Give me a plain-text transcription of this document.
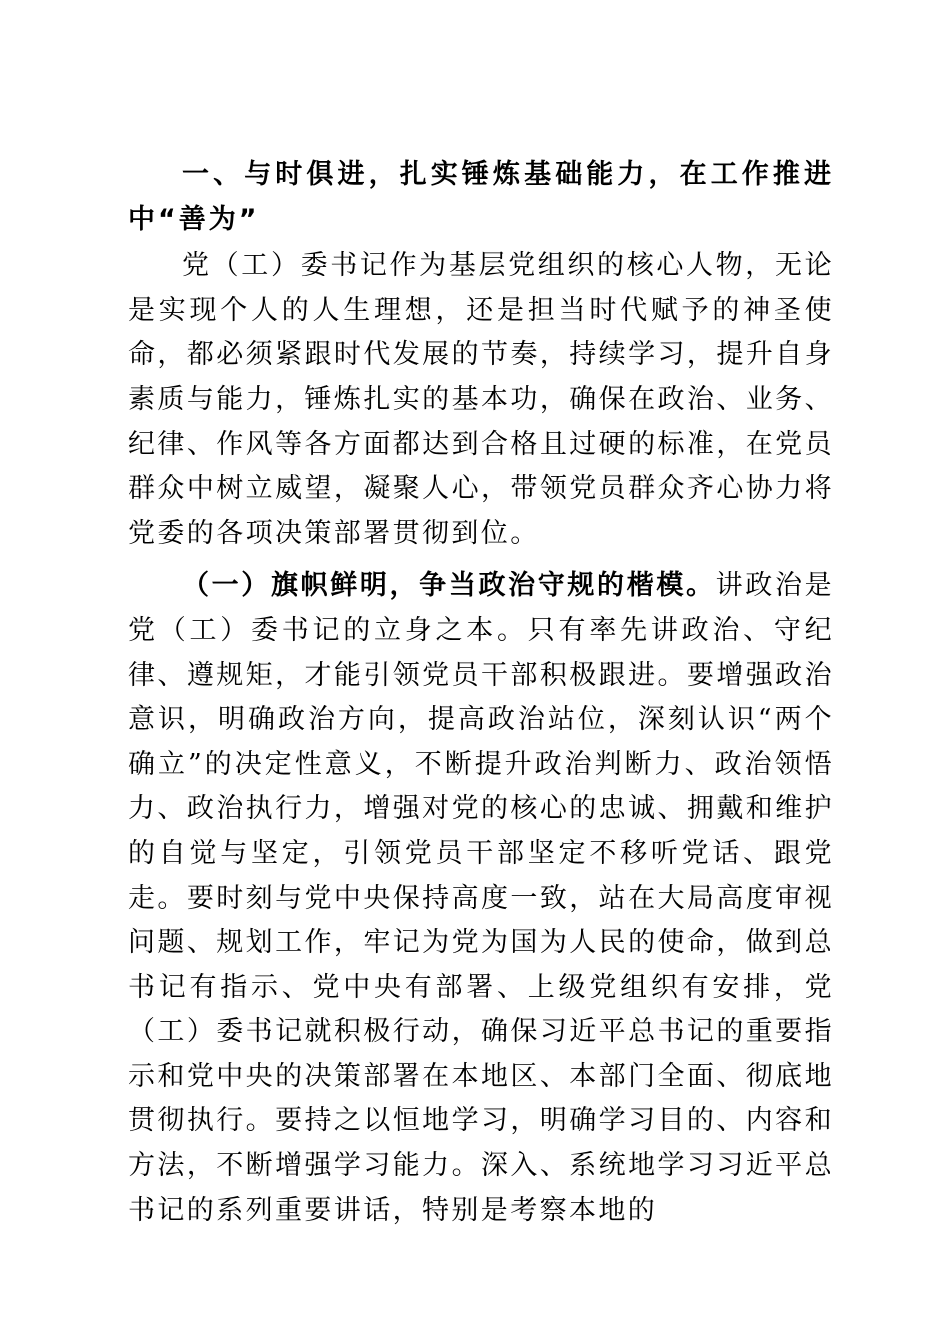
一、与时俱进，扎实锤炼基础能力，在工作推进中“善为”

党（工）委书记作为基层党组织的核心人物，无论是实现个人的人生理想，还是担当时代赋予的神圣使命，都必须紧跟时代发展的节奏，持续学习，提升自身素质与能力，锤炼扎实的基本功，确保在政治、业务、纪律、作风等各方面都达到合格且过硬的标准，在党员群众中树立威望，凝聚人心，带领党员群众齐心协力将党委的各项决策部署贯彻到位。

（一）旗帜鲜明，争当政治守规的楷模。讲政治是党（工）委书记的立身之本。只有率先讲政治、守纪律、遵规矩，才能引领党员干部积极跟进。要增强政治意识，明确政治方向，提高政治站位，深刻认识“两个确立”的决定性意义，不断提升政治判断力、政治领悟力、政治执行力，增强对党的核心的忠诚、拥戴和维护的自觉与坚定，引领党员干部坚定不移听党话、跟党走。要时刻与党中央保持高度一致，站在大局高度审视问题、规划工作，牢记为党为国为人民的使命，做到总书记有指示、党中央有部署、上级党组织有安排，党（工）委书记就积极行动，确保习近平总书记的重要指示和党中央的决策部署在本地区、本部门全面、彻底地贯彻执行。要持之以恒地学习，明确学习目的、内容和方法，不断增强学习能力。深入、系统地学习习近平总书记的系列重要讲话，特别是考察本地的
